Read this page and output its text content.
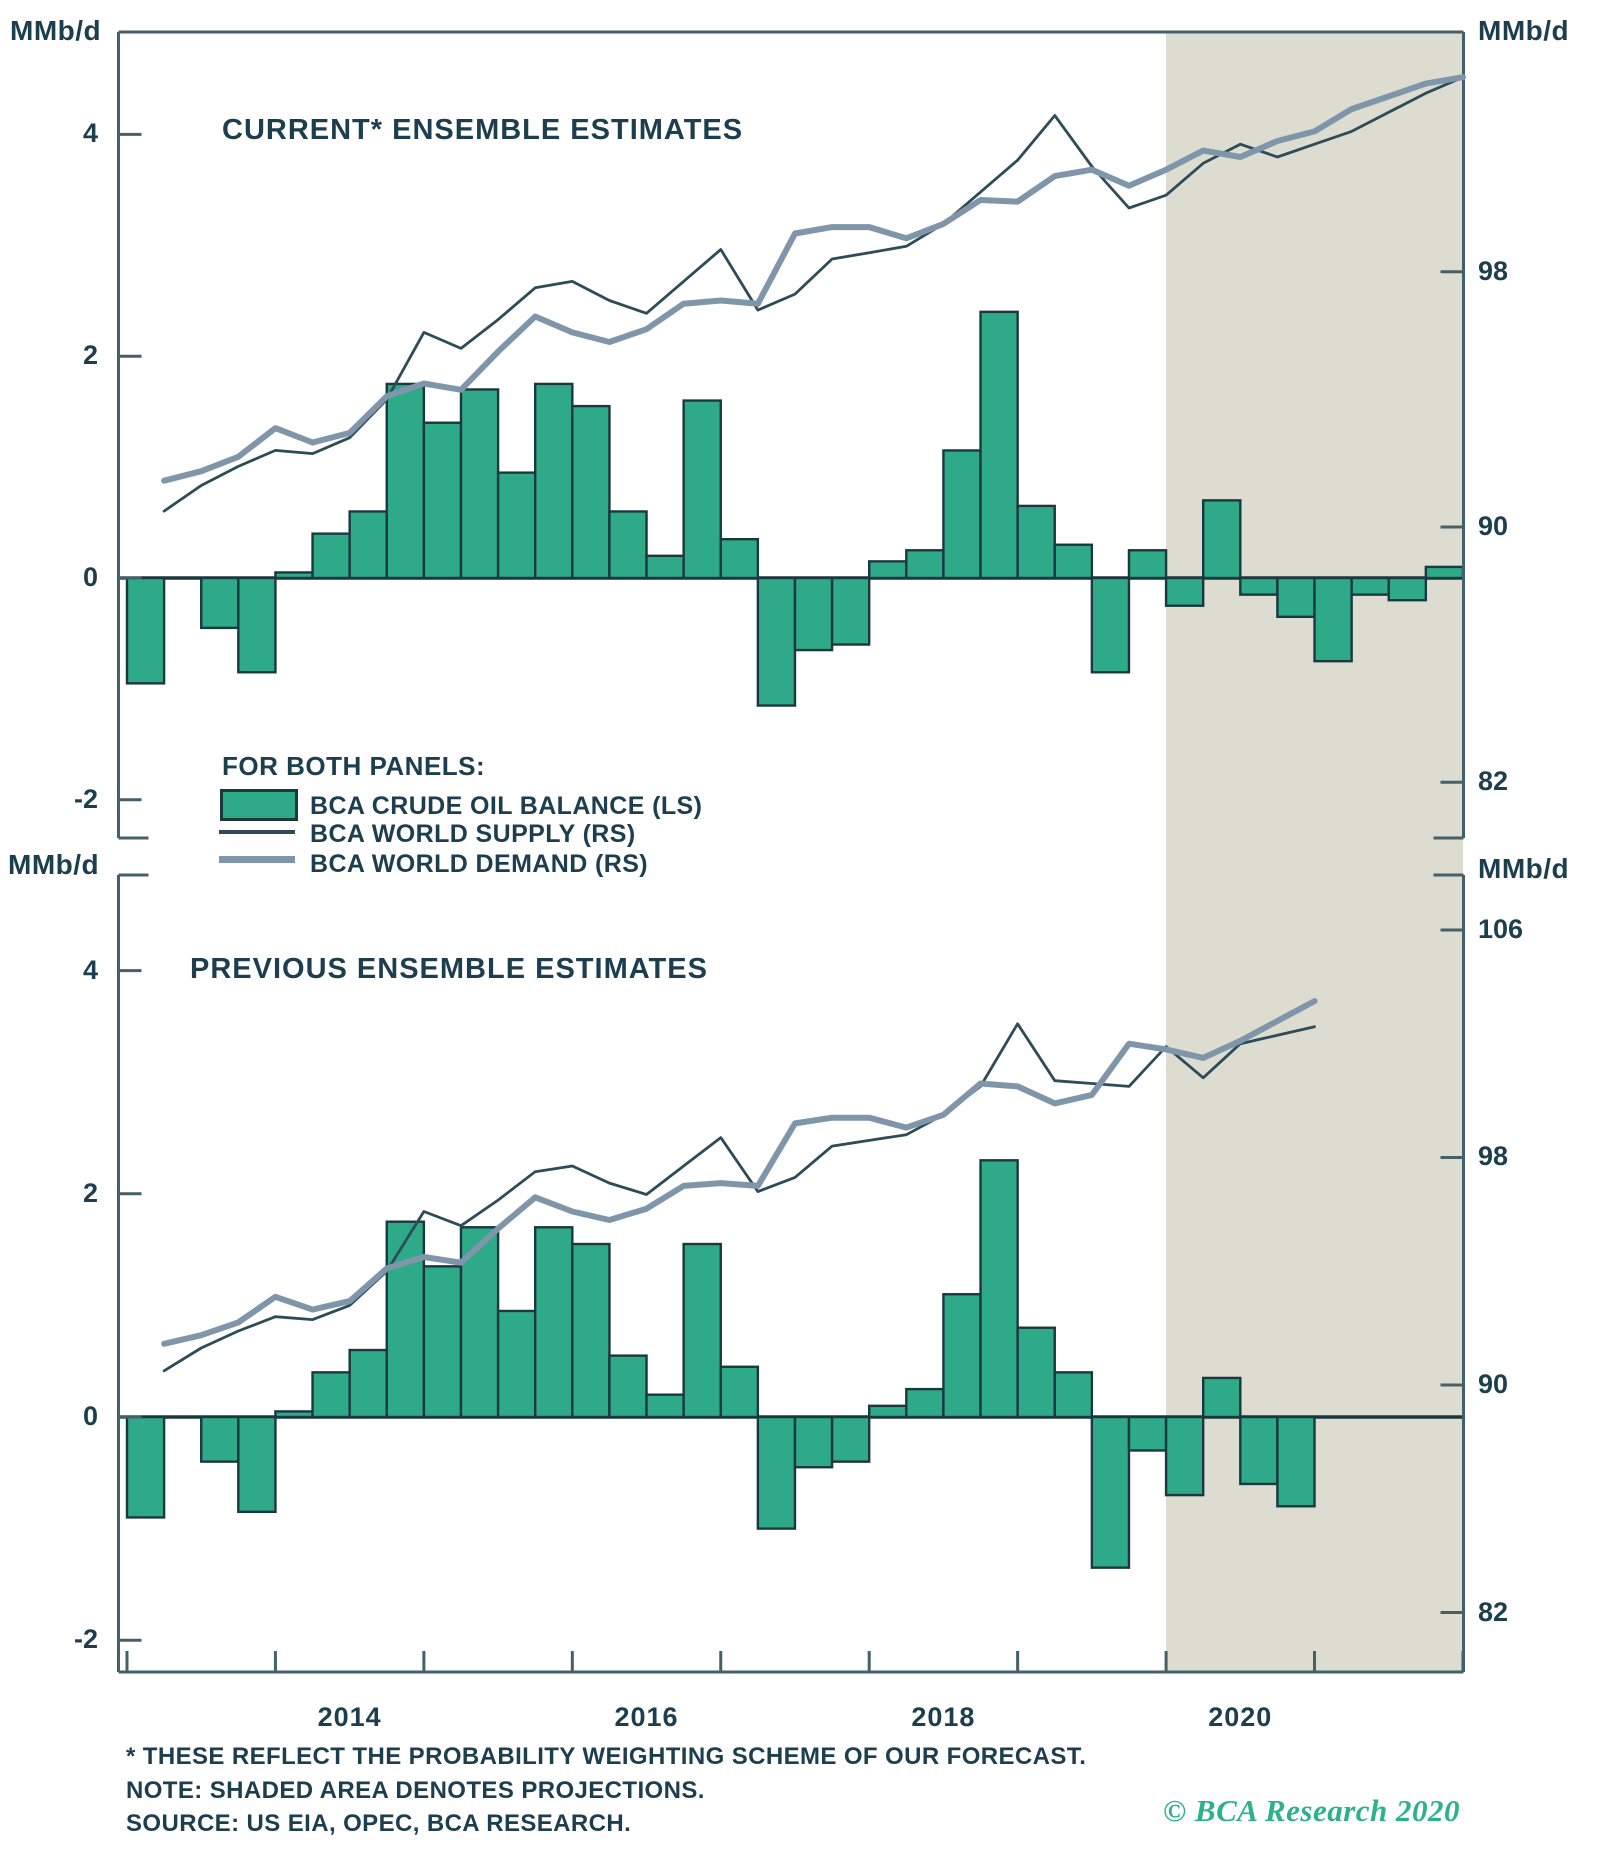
MMb/d	MMb/d
MMb/d	MMb/d
CURRENT* ENSEMBLE ESTIMATES
PREVIOUS ENSEMBLE ESTIMATES
FOR BOTH PANELS:
BCA CRUDE OIL BALANCE (LS)
BCA WORLD SUPPLY (RS)
BCA WORLD DEMAND (RS)
* THESE REFLECT THE PROBABILITY WEIGHTING SCHEME OF OUR FORECAST.
NOTE: SHADED AREA DENOTES PROJECTIONS.
SOURCE: US EIA, OPEC, BCA RESEARCH.	© BCA Research 2020
4
2
0
-2
98
90
82
4
2
0
-2
106
98
90
82
2014	2016	2018	2020
